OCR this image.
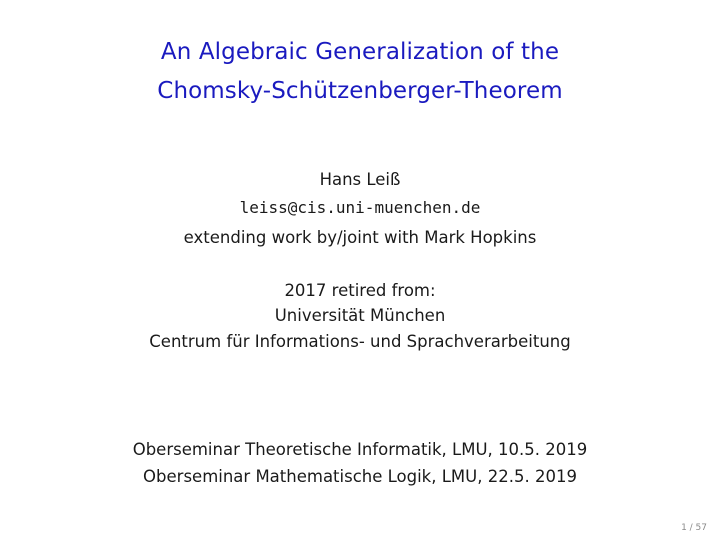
An Algebraic Generalization of the
Chomsky-Schützenberger-Theorem
Hans Leiß
leiss@cis.uni-muenchen.de
extending work by/joint with Mark Hopkins
2017 retired from:
Universität München
Centrum für Informations- und Sprachverarbeitung
Oberseminar Theoretische Informatik, LMU, 10.5. 2019
Oberseminar Mathematische Logik, LMU, 22.5. 2019
1 / 57
